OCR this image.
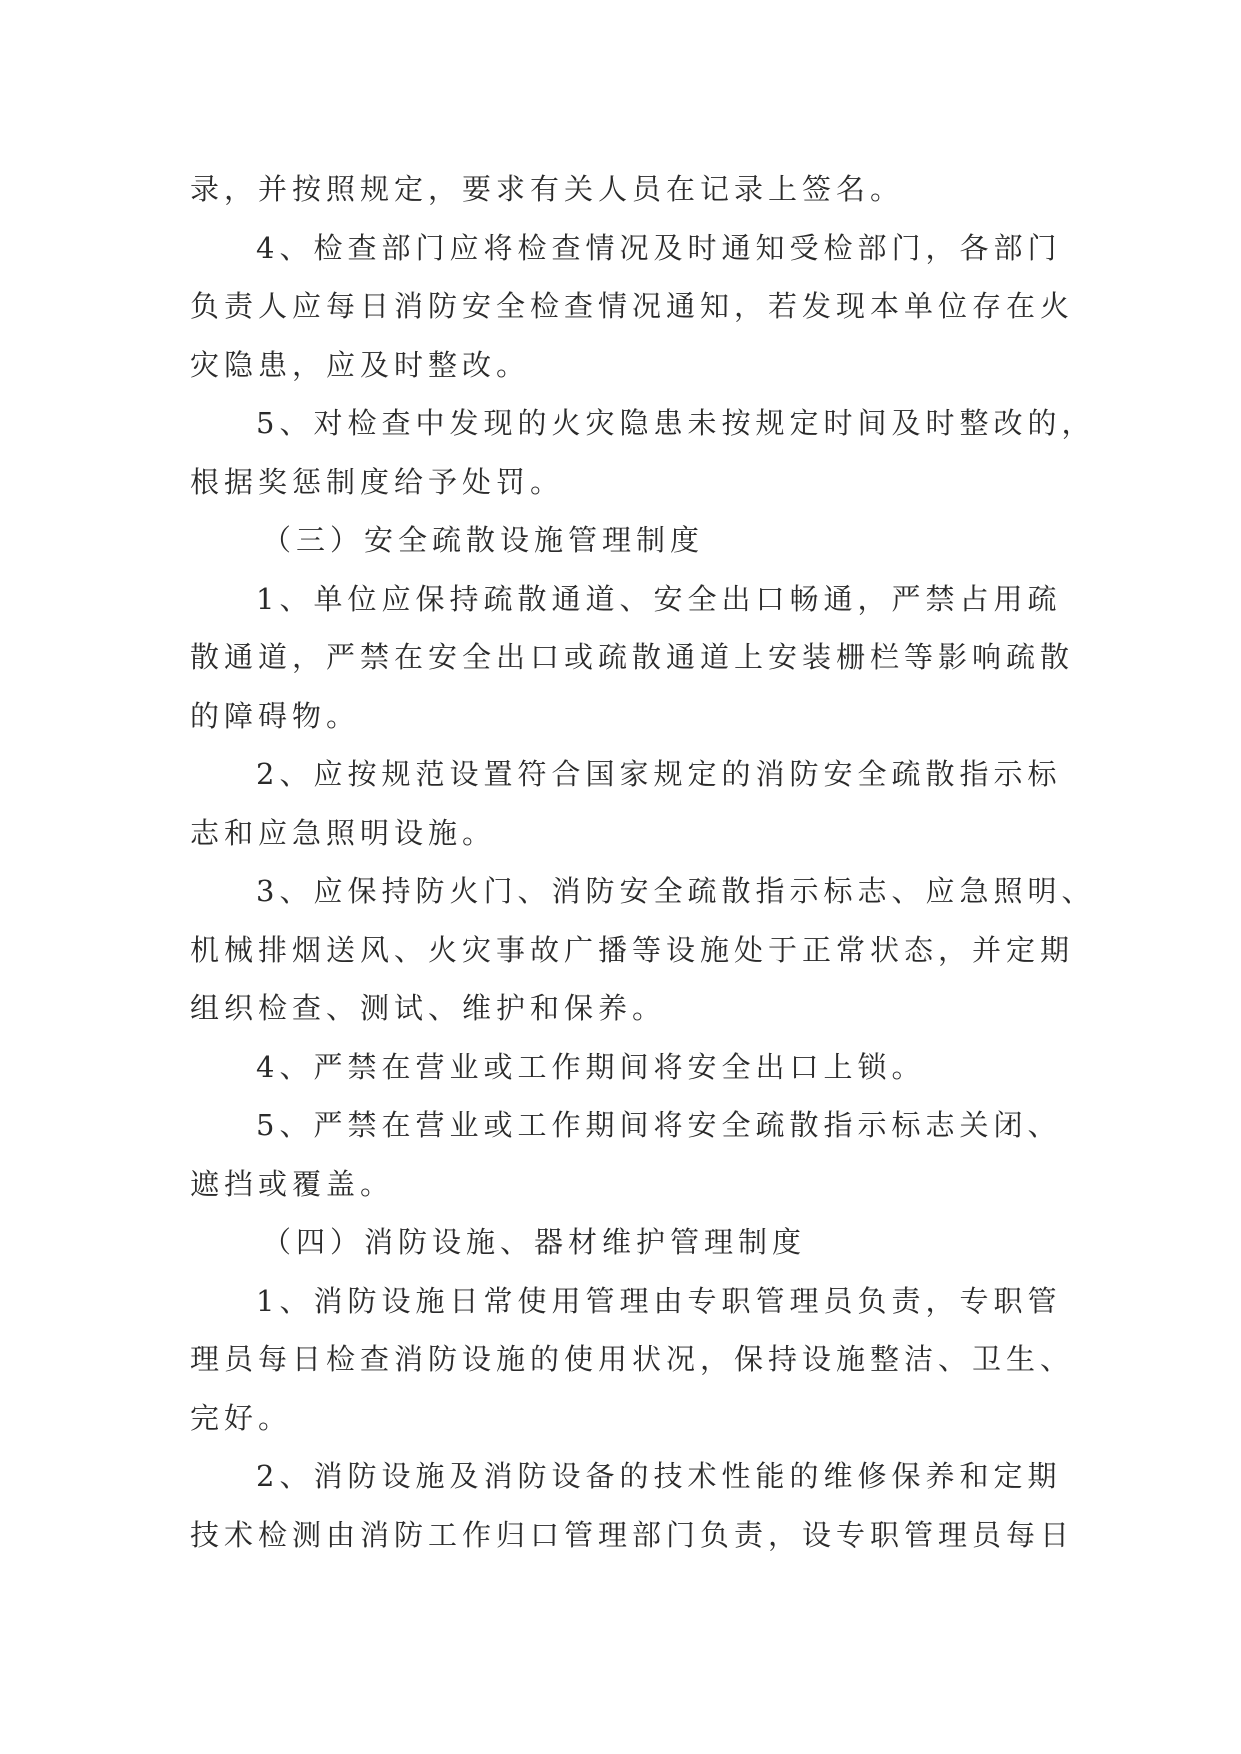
录，并按照规定，要求有关人员在记录上签名。
4、检查部门应将检查情况及时通知受检部门，各部门
负责人应每日消防安全检查情况通知，若发现本单位存在火
灾隐患，应及时整改。
5、对检查中发现的火灾隐患未按规定时间及时整改的，
根据奖惩制度给予处罚。
（三）安全疏散设施管理制度
1、单位应保持疏散通道、安全出口畅通，严禁占用疏
散通道，严禁在安全出口或疏散通道上安装栅栏等影响疏散
的障碍物。
2、应按规范设置符合国家规定的消防安全疏散指示标
志和应急照明设施。
3、应保持防火门、消防安全疏散指示标志、应急照明、
机械排烟送风、火灾事故广播等设施处于正常状态，并定期
组织检查、测试、维护和保养。
4、严禁在营业或工作期间将安全出口上锁。
5、严禁在营业或工作期间将安全疏散指示标志关闭、
遮挡或覆盖。
（四）消防设施、器材维护管理制度
1、消防设施日常使用管理由专职管理员负责，专职管
理员每日检查消防设施的使用状况，保持设施整洁、卫生、
完好。
2、消防设施及消防设备的技术性能的维修保养和定期
技术检测由消防工作归口管理部门负责，设专职管理员每日
